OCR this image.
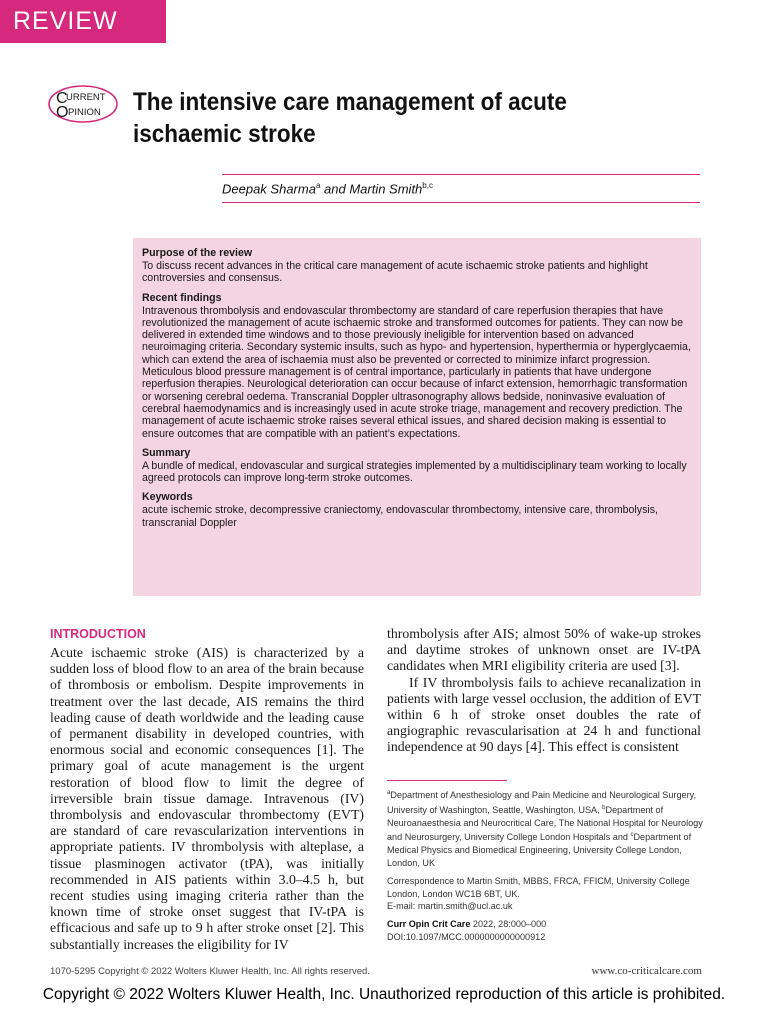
REVIEW
C
URRENT
O PINION The intensive care management of acute ischaemic stroke
Deepak Sharma$^a$ and Martin Smith$^{b,c}$
Purpose of the review

To discuss recent advances in the critical care management of acute ischaemic stroke patients and highlight controversies and consensus.

Recent findings

Intravenous thrombolysis and endovascular thrombectomy are standard of care reperfusion therapies that have revolutionized the management of acute ischaemic stroke and transformed outcomes for patients. They can now be delivered in extended time windows and to those previously ineligible for intervention based on advanced neuroimaging criteria. Secondary systemic insults, such as hypo- and hypertension, hyperthermia or hyperglycaemia, which can extend the area of ischaemia must also be prevented or corrected to minimize infarct progression. Meticulous blood pressure management is of central importance, particularly in patients that have undergone reperfusion therapies. Neurological deterioration can occur because of infarct extension, hemorrhagic transformation or worsening cerebral oedema. Transcranial Doppler ultrasonography allows bedside, noninvasive evaluation of cerebral haemodynamics and is increasingly used in acute stroke triage, management and recovery prediction. The management of acute ischaemic stroke raises several ethical issues, and shared decision making is essential to ensure outcomes that are compatible with an patient’s expectations.

Summary

A bundle of medical, endovascular and surgical strategies implemented by a multidisciplinary team working to locally agreed protocols can improve long-term stroke outcomes.

Keywords

acute ischemic stroke, decompressive craniectomy, endovascular thrombectomy, intensive care, thrombolysis, transcranial Doppler

INTRODUCTION

Acute ischaemic stroke (AIS) is characterized by a sudden loss of blood flow to an area of the brain because of thrombosis or embolism. Despite improvements in treatment over the last decade, AIS remains the third leading cause of death worldwide and the leading cause of permanent disability in developed countries, with enormous social and economic consequences [1]. The primary goal of acute management is the urgent restoration of blood flow to limit the degree of irreversible brain tissue damage. Intravenous (IV) thrombolysis and endovascular thrombectomy (EVT) are standard of care revascularization interventions in appropriate patients. IV thrombolysis with alteplase, a tissue plasminogen activator (tPA), was initially recommended in AIS patients within 3.0–4.5 h, but recent studies using imaging criteria rather than the known time of stroke onset suggest that IV-tPA is efficacious and safe up to 9 h after stroke onset [2]. This substantially increases the eligibility for IV

thrombolysis after AIS; almost 50% of wake-up strokes and daytime strokes of unknown onset are IV-tPA candidates when MRI eligibility criteria are used [3].

If IV thrombolysis fails to achieve recanalization in patients with large vessel occlusion, the addition of EVT within 6 h of stroke onset doubles the rate of angiographic revascularisation at 24 h and functional independence at 90 days [4]. This effect is consistent

$^a$Department of Anesthesiology and Pain Medicine and Neurological Surgery, University of Washington, Seattle, Washington, USA, $^b$Department of Neuroanaesthesia and Neurocritical Care, The National Hospital for Neurology and Neurosurgery, University College London Hospitals and $^c$Department of Medical Physics and Biomedical Engineering, University College London, London, UK

Correspondence to Martin Smith, MBBS, FRCA, FFICM, University College London, London WC1B 6BT, UK.
E-mail: martin.smith@ucl.ac.uk

Curr Opin Crit Care 2022, 28:000–000
DOI:10.1097/MCC.0000000000000912

1070-5295 Copyright © 2022 Wolters Kluwer Health, Inc. All rights reserved.	www.co-criticalcare.com
Copyright © 2022 Wolters Kluwer Health, Inc. Unauthorized reproduction of this article is prohibited.
